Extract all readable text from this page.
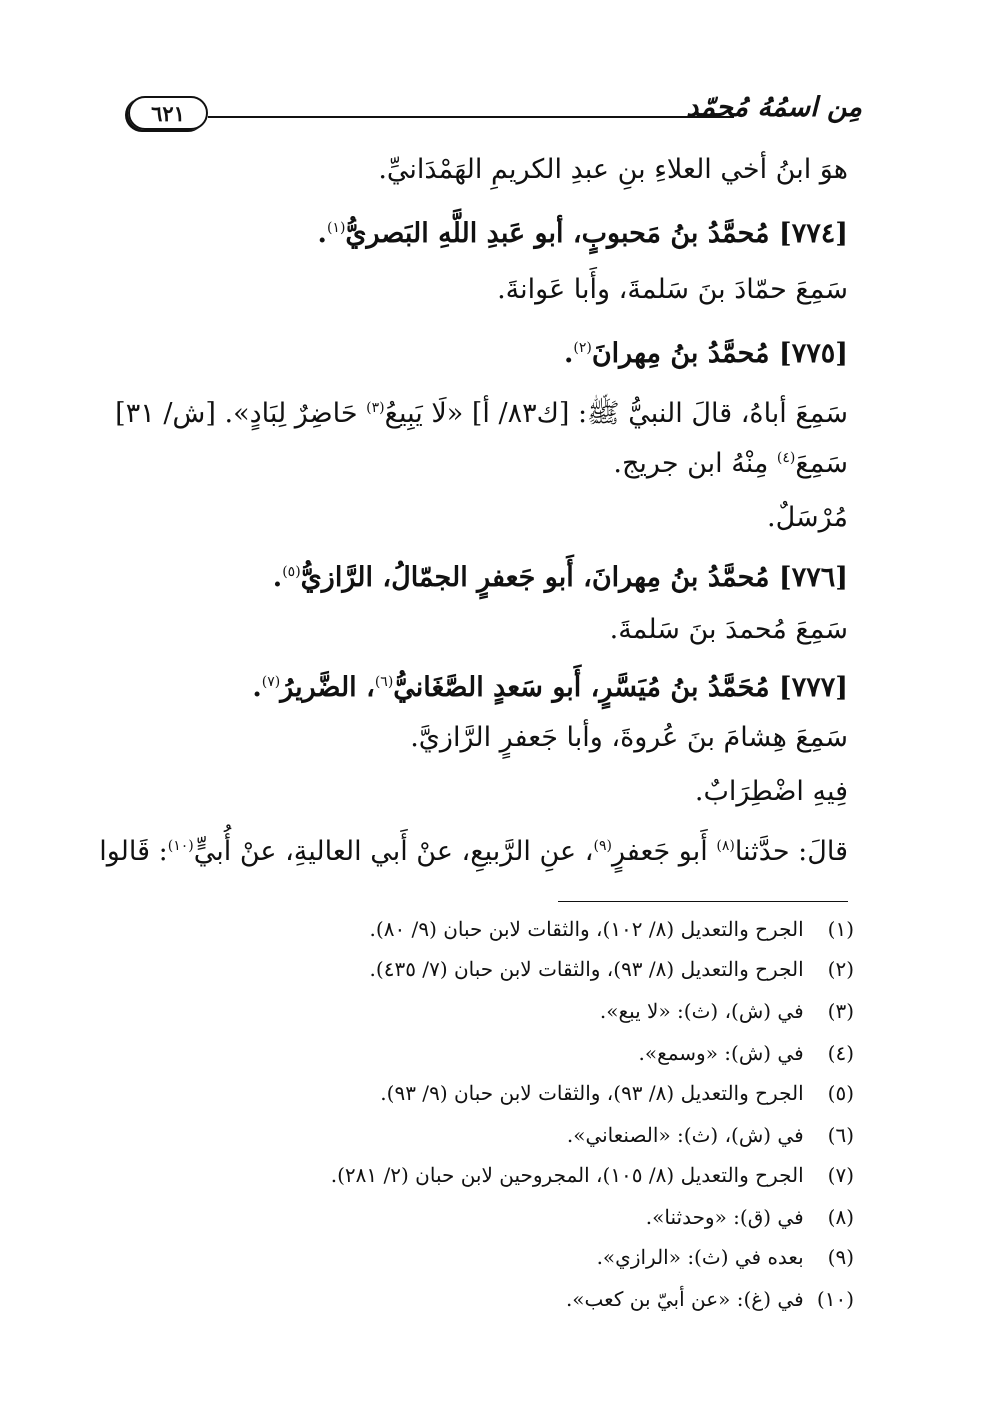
٦٢١	مِن اسمُهُ مُحمّد
هوَ ابنُ أخي العلاءِ بنِ عبدِ الكريمِ الهَمْدَانيِّ.
[٧٧٤] مُحمَّدُ بنُ مَحبوبٍ، أبو عَبدِ اللَّهِ البَصريُّ$^{(١)}$.
سَمِعَ حمّادَ بنَ سَلمةَ، وأَبا عَوانةَ.
[٧٧٥] مُحمَّدُ بنُ مِهرانَ$^{(٢)}$.
سَمِعَ أباهُ، قالَ النبيُّ ﷺ: [ك٨٣/ أ] «لَا يَبِيعُ$^{(٣)}$ حَاضِرٌ لِبَادٍ». [ش/ ٣١]
سَمِعَ$^{(٤)}$ مِنْهُ ابن جريج.
مُرْسَلٌ.
[٧٧٦] مُحمَّدُ بنُ مِهرانَ، أَبو جَعفرٍ الجمّالُ، الرَّازيُّ$^{(٥)}$.
سَمِعَ مُحمدَ بنَ سَلمةَ.
[٧٧٧] مُحَمَّدُ بنُ مُيَسَّرٍ، أَبو سَعدٍ الصَّغَانيُّ$^{(٦)}$، الضَّريرُ$^{(٧)}$.
سَمِعَ هِشامَ بنَ عُروةَ، وأبا جَعفرٍ الرَّازيَّ.
فِيهِ اضْطِرَابٌ.
قالَ: حدَّثنا$^{(٨)}$ أَبو جَعفرٍ$^{(٩)}$، عنِ الرَّبيعِ، عنْ أَبي العاليةِ، عنْ أُبيٍّ$^{(١٠)}$: قَالوا
(١) الجرح والتعديل (٨/ ١٠٢)، والثقات لابن حبان (٩/ ٨٠).
(٢) الجرح والتعديل (٨/ ٩٣)، والثقات لابن حبان (٧/ ٤٣٥).
(٣) في (ش)، (ث): «لا يبع».
(٤) في (ش): «وسمع».
(٥) الجرح والتعديل (٨/ ٩٣)، والثقات لابن حبان (٩/ ٩٣).
(٦) في (ش)، (ث): «الصنعاني».
(٧) الجرح والتعديل (٨/ ١٠٥)، المجروحين لابن حبان (٢/ ٢٨١).
(٨) في (ق): «وحدثنا».
(٩) بعده في (ث): «الرازي».
(١٠) في (غ): «عن أبيّ بن كعب».
